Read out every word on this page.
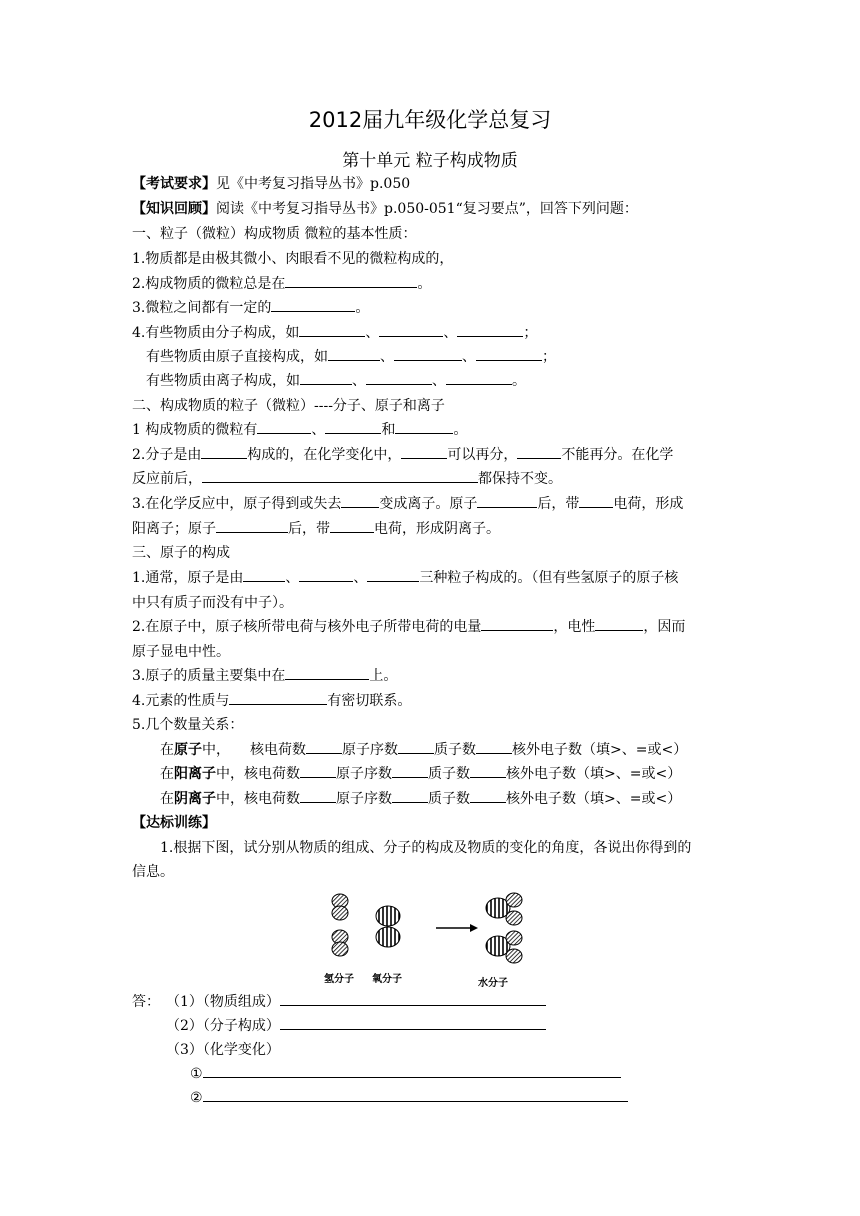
2012届九年级化学总复习
第十单元 粒子构成物质
【考试要求】见《中考复习指导丛书》p.050
【知识回顾】阅读《中考复习指导丛书》p.050-051“复习要点”，回答下列问题：
一、粒子（微粒）构成物质 微粒的基本性质：
1.物质都是由极其微小、肉眼看不见的微粒构成的，
2.构成物质的微粒总是在	。
3.微粒之间都有一定的	。
4.有些物质由分子构成，如	、	、	；
有些物质由原子直接构成，如	、	、	；
有些物质由离子构成，如	、	、	。
二、构成物质的粒子（微粒）----分子、原子和离子
1 构成物质的微粒有	、	和	。
2.分子是由	构成的，在化学变化中，	可以再分，	不能再分。在化学
反应前后，	都保持不变。
3.在化学反应中，原子得到或失去	变成离子。原子	后，带 电荷，形成
阳离子；原子	后，带	电荷，形成阴离子。
三、原子的构成
1.通常，原子是由	、	、	三种粒子构成的。（但有些氢原子的原子核
中只有质子而没有中子）。
2.在原子中，原子核所带电荷与核外电子所带电荷的电量	，电性	，因而
原子显电中性。
3.原子的质量主要集中在	上。
4.元素的性质与	有密切联系。
5.几个数量关系：
在原子中， 核电荷数	原子序数	质子数	核外电子数（填>、=或<）
在阳离子中，核电荷数	原子序数	质子数	核外电子数（填>、=或<）
在阴离子中，核电荷数	原子序数	质子数	核外电子数（填>、=或<）
【达标训练】
1.根据下图，试分别从物质的组成、分子的构成及物质的变化的角度，各说出你得到的
信息。
氢分子 氧分子	水分子
答： （1）（物质组成）
（2）（分子构成）
（3）（化学变化）
①
②
